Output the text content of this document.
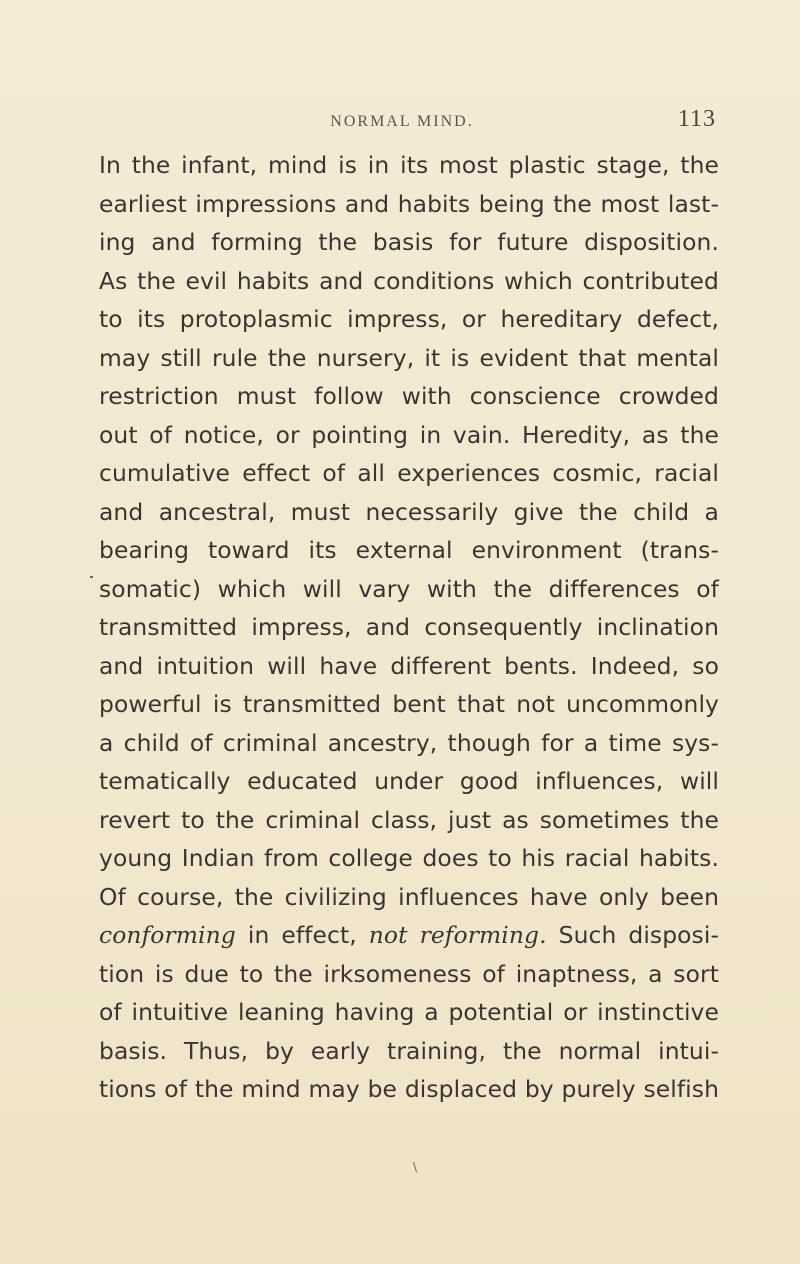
NORMAL MIND.	113
In the infant, mind is in its most plastic stage, the
earliest impressions and habits being the most last-
ing and forming the basis for future disposition.
As the evil habits and conditions which contributed
to its protoplasmic impress, or hereditary defect,
may still rule the nursery, it is evident that mental
restriction must follow with conscience crowded
out of notice, or pointing in vain. Heredity, as the
cumulative effect of all experiences cosmic, racial
and ancestral, must necessarily give the child a
bearing toward its external environment (trans-
somatic) which will vary with the differences of
transmitted impress, and consequently inclination
and intuition will have different bents. Indeed, so
powerful is transmitted bent that not uncommonly
a child of criminal ancestry, though for a time sys-
tematically educated under good influences, will
revert to the criminal class, just as sometimes the
young Indian from college does to his racial habits.
Of course, the civilizing influences have only been
conforming in effect, not reforming. Such disposi-
tion is due to the irksomeness of inaptness, a sort
of intuitive leaning having a potential or instinctive
basis. Thus, by early training, the normal intui-
tions of the mind may be displaced by purely selfish
\
